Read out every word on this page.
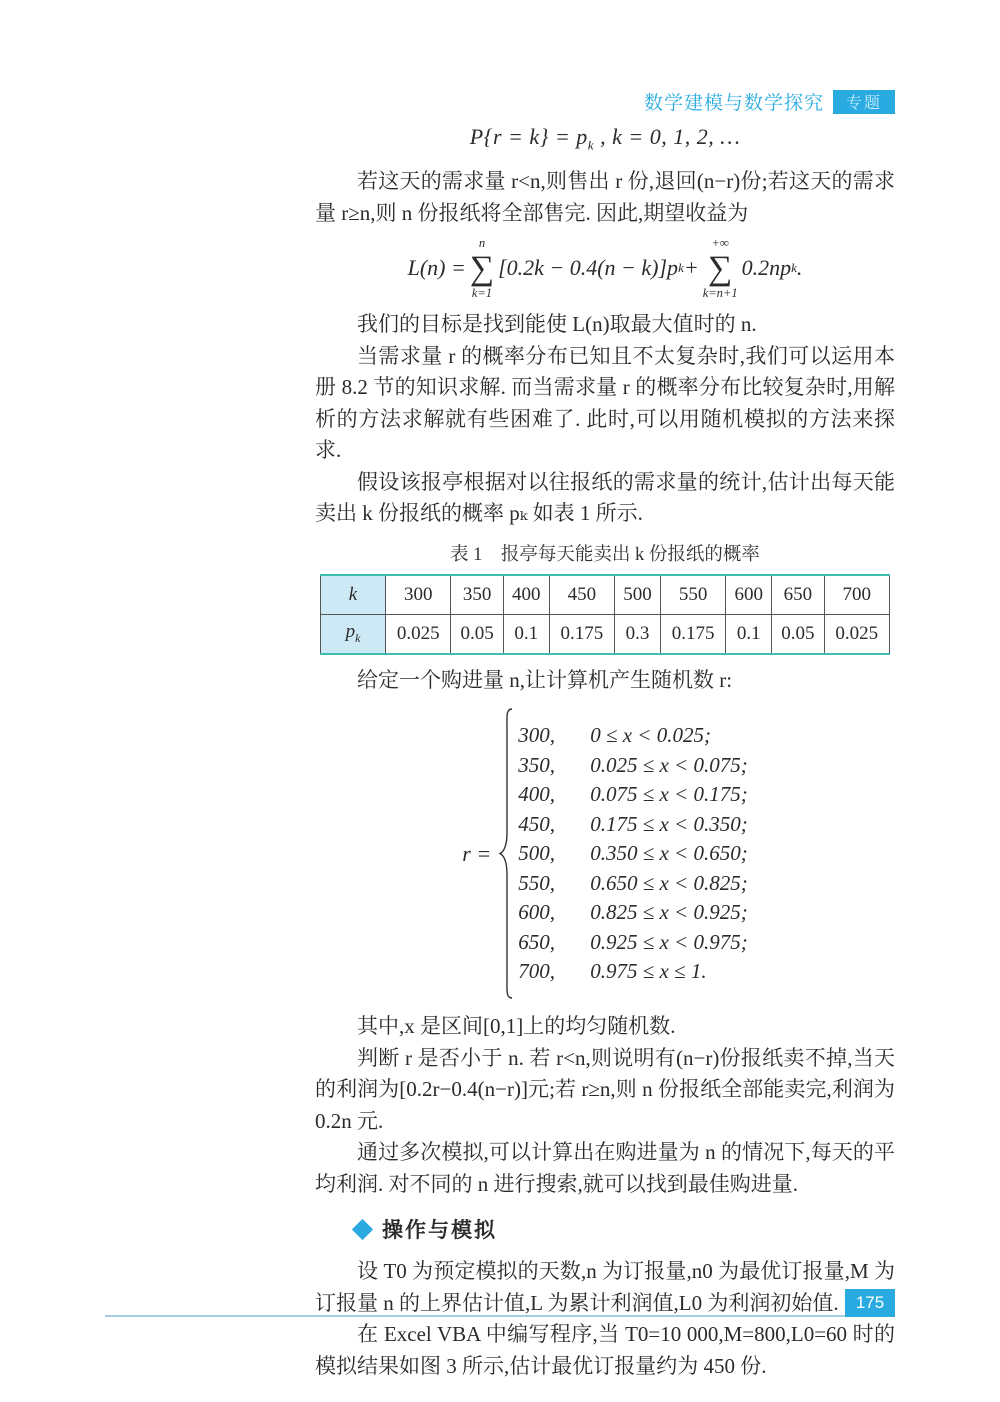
数学建模与数学探究	专题
$P\{r = k\} = p_k$ , k = 0, 1, 2, …

若这天的需求量 r<n,则售出 r 份,退回(n−r)份;若这天的需求量 r≥n,则 n 份报纸将全部售完. 因此,期望收益为

L(n) =
n
∑
k=1
[0.2k − 0.4(n − k)]p k +
+∞
∑
k=n+1
0.2np k .

我们的目标是找到能使 L(n)取最大值时的 n.

当需求量 r 的概率分布已知且不太复杂时,我们可以运用本册 8.2 节的知识求解. 而当需求量 r 的概率分布比较复杂时,用解析的方法求解就有些困难了. 此时,可以用随机模拟的方法来探求.

假设该报亭根据对以往报纸的需求量的统计,估计出每天能卖出 k 份报纸的概率 pₖ 如表 1 所示.

表 1　报亭每天能卖出 k 份报纸的概率
k	300	350	400	450	500	550	600	650	700
$p_k$	0.025	0.05	0.1	0.175	0.3	0.175	0.1	0.05	0.025

给定一个购进量 n,让计算机产生随机数 r:

r =
300,	0 ≤ x < 0.025;
350,	0.025 ≤ x < 0.075;
400,	0.075 ≤ x < 0.175;
450,	0.175 ≤ x < 0.350;
500,	0.350 ≤ x < 0.650;
550,	0.650 ≤ x < 0.825;
600,	0.825 ≤ x < 0.925;
650,	0.925 ≤ x < 0.975;
700,	0.975 ≤ x ≤ 1.

其中,x 是区间[0,1]上的均匀随机数.

判断 r 是否小于 n. 若 r<n,则说明有(n−r)份报纸卖不掉,当天的利润为[0.2r−0.4(n−r)]元;若 r≥n,则 n 份报纸全部能卖完,利润为0.2n 元.

通过多次模拟,可以计算出在购进量为 n 的情况下,每天的平均利润. 对不同的 n 进行搜索,就可以找到最佳购进量.

操作与模拟

设 T0 为预定模拟的天数,n 为订报量,n0 为最优订报量,M 为订报量 n 的上界估计值,L 为累计利润值,L0 为利润初始值.

在 Excel VBA 中编写程序,当 T0=10 000,M=800,L0=60 时的模拟结果如图 3 所示,估计最优订报量约为 450 份.

175
